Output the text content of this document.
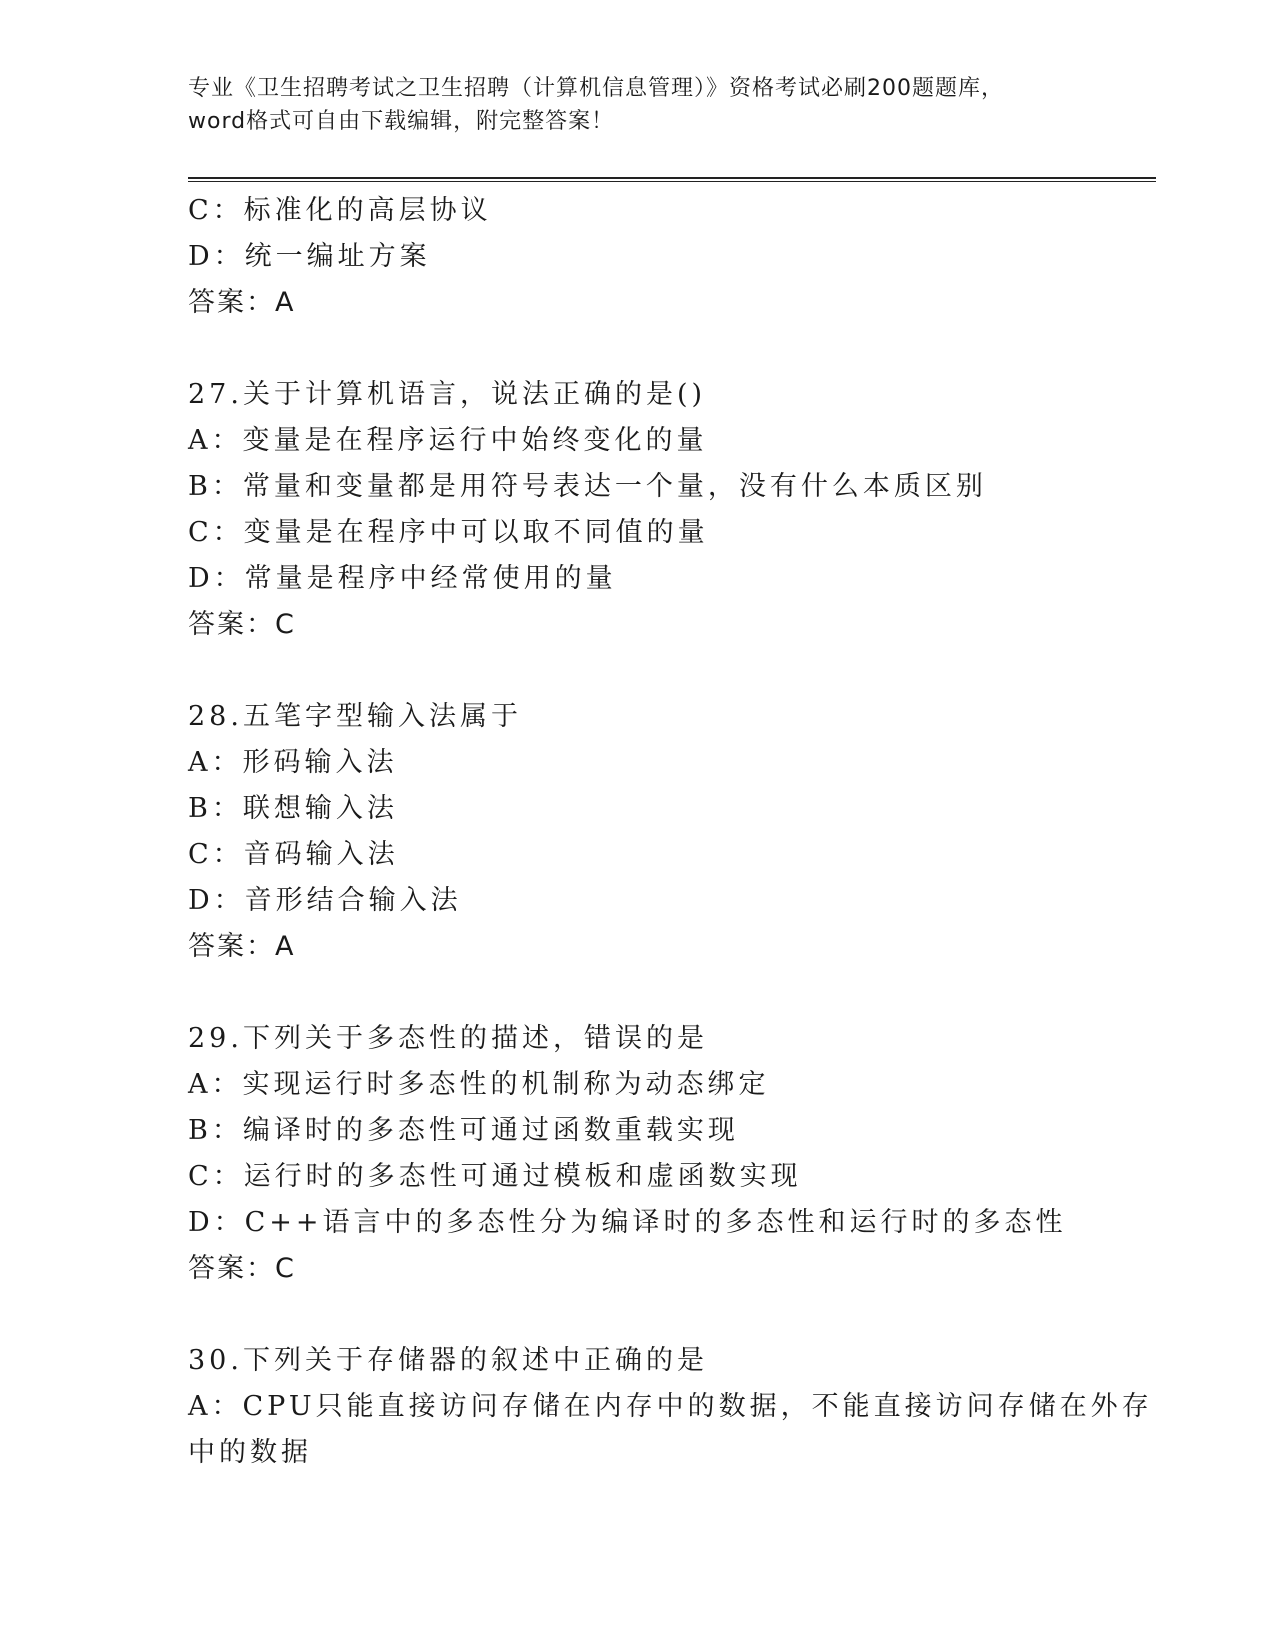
专业《卫生招聘考试之卫生招聘（计算机信息管理）》资格考试必刷200题题库，
word格式可自由下载编辑，附完整答案！
C：标准化的高层协议
D：统一编址方案
答案：A
27.关于计算机语言，说法正确的是()
A：变量是在程序运行中始终变化的量
B：常量和变量都是用符号表达一个量，没有什么本质区别
C：变量是在程序中可以取不同值的量
D：常量是程序中经常使用的量
答案：C
28.五笔字型输入法属于
A：形码输入法
B：联想输入法
C：音码输入法
D：音形结合输入法
答案：A
29.下列关于多态性的描述，错误的是
A：实现运行时多态性的机制称为动态绑定
B：编译时的多态性可通过函数重载实现
C：运行时的多态性可通过模板和虚函数实现
D：C++语言中的多态性分为编译时的多态性和运行时的多态性
答案：C
30.下列关于存储器的叙述中正确的是
A：CPU只能直接访问存储在内存中的数据，不能直接访问存储在外存
中的数据
